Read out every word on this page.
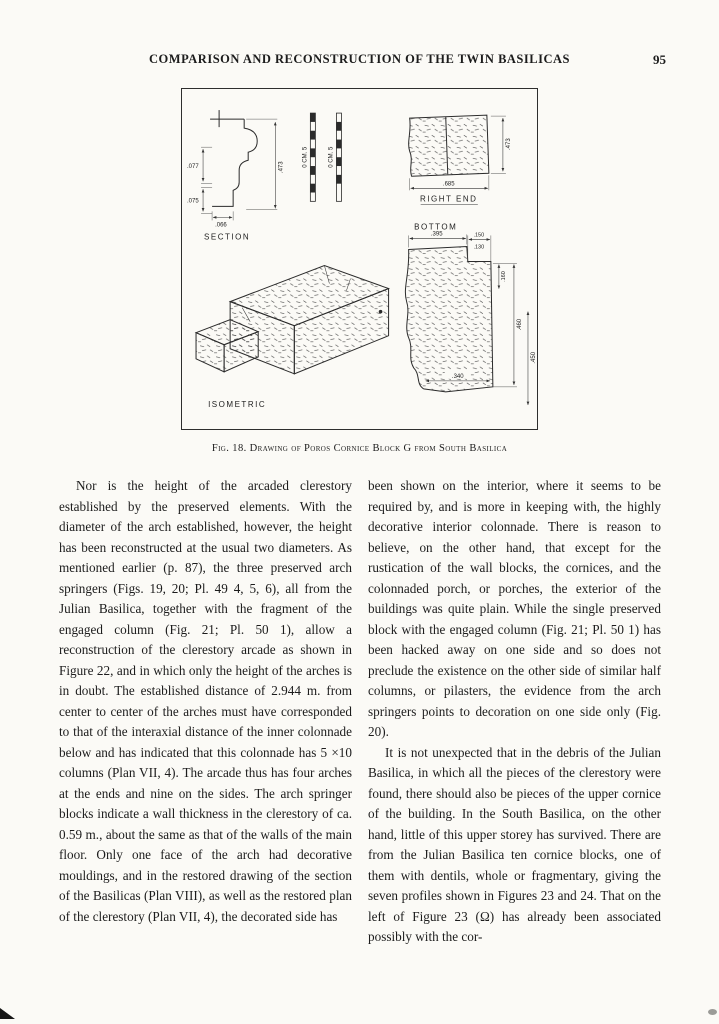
COMPARISON AND RECONSTRUCTION OF THE TWIN BASILICAS	95
.077
.075
.066
.473
SECTION
0 CM. 5	0 CM. 5
.685
.473
RIGHT END
BOTTOM
.395	.150
.130
.160
.460
.450
.340
ISOMETRIC
Fig. 18. Drawing of Poros Cornice Block G from South Basilica

Nor is the height of the arcaded clerestory established by the preserved elements. With the diameter of the arch established, however, the height has been reconstructed at the usual two diameters. As mentioned earlier (p. 87), the three preserved arch springers (Figs. 19, 20; Pl. 49 4, 5, 6), all from the Julian Basilica, together with the fragment of the engaged column (Fig. 21; Pl. 50 1), allow a reconstruction of the clerestory arcade as shown in Figure 22, and in which only the height of the arches is in doubt. The established distance of 2.944 m. from center to center of the arches must have corresponded to that of the interaxial distance of the inner colonnade below and has indicated that this colonnade has 5 ×10 columns (Plan VII, 4). The arcade thus has four arches at the ends and nine on the sides. The arch springer blocks indicate a wall thickness in the clerestory of ca. 0.59 m., about the same as that of the walls of the main floor. Only one face of the arch had decorative mouldings, and in the restored drawing of the section of the Basilicas (Plan VIII), as well as the restored plan of the clerestory (Plan VII, 4), the decorated side has

been shown on the interior, where it seems to be required by, and is more in keeping with, the highly decorative interior colonnade. There is reason to believe, on the other hand, that except for the rustication of the wall blocks, the cornices, and the colonnaded porch, or porches, the exterior of the buildings was quite plain. While the single preserved block with the engaged column (Fig. 21; Pl. 50 1) has been hacked away on one side and so does not preclude the existence on the other side of similar half columns, or pilasters, the evidence from the arch springers points to decoration on one side only (Fig. 20).

It is not unexpected that in the debris of the Julian Basilica, in which all the pieces of the clerestory were found, there should also be pieces of the upper cornice of the building. In the South Basilica, on the other hand, little of this upper storey has survived. There are from the Julian Basilica ten cornice blocks, one of them with dentils, whole or fragmentary, giving the seven profiles shown in Figures 23 and 24. That on the left of Figure 23 (Ω) has already been associated possibly with the cor-
